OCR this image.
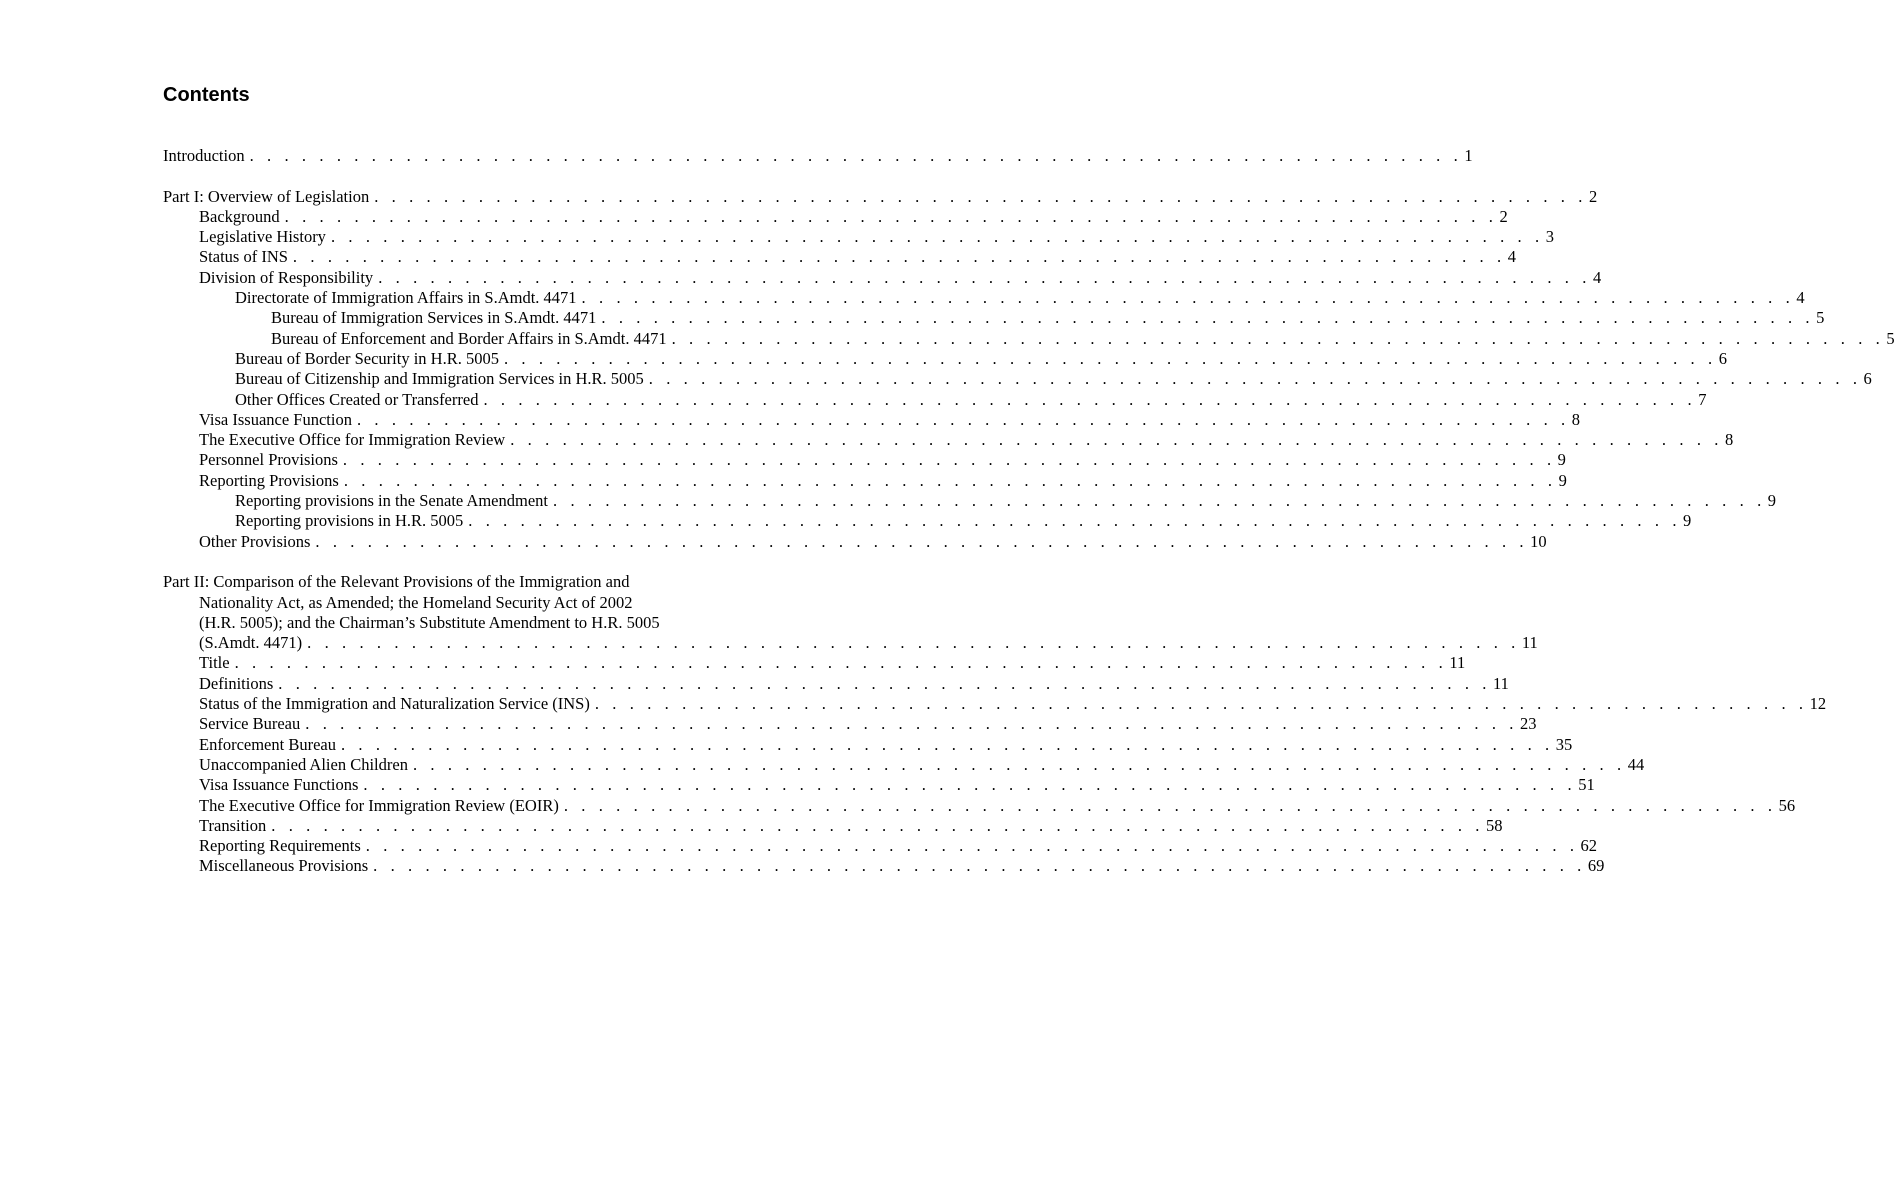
Contents
Introduction . . . . . . . . . . . . . . . . . . . . . . . . . . . . . . . . . . . . . . . . . . . . . . . . . . . . . . . . . . . . . . . . . . . . . . 1
Part I: Overview of Legislation . . . . . . . . . . . . . . . . . . . . . . . . . . . . . . . . . . . . . . . . . . . . . . . . . . . . . . . . . . . . . . . . . . . . . . 2
Background . . . . . . . . . . . . . . . . . . . . . . . . . . . . . . . . . . . . . . . . . . . . . . . . . . . . . . . . . . . . . . . . . . . . . . 2
Legislative History . . . . . . . . . . . . . . . . . . . . . . . . . . . . . . . . . . . . . . . . . . . . . . . . . . . . . . . . . . . . . . . . . . . . . . 3
Status of INS . . . . . . . . . . . . . . . . . . . . . . . . . . . . . . . . . . . . . . . . . . . . . . . . . . . . . . . . . . . . . . . . . . . . . . 4
Division of Responsibility . . . . . . . . . . . . . . . . . . . . . . . . . . . . . . . . . . . . . . . . . . . . . . . . . . . . . . . . . . . . . . . . . . . . . . 4
Directorate of Immigration Affairs in S.Amdt. 4471 . . . . . . . . . . . . . . . . . . . . . . . . . . . . . . . . . . . . . . . . . . . . . . . . . . . . . . . . . . . . . . . . . . . . . . 4
Bureau of Immigration Services in S.Amdt. 4471 . . . . . . . . . . . . . . . . . . . . . . . . . . . . . . . . . . . . . . . . . . . . . . . . . . . . . . . . . . . . . . . . . . . . . . 5
Bureau of Enforcement and Border Affairs in S.Amdt. 4471 . . . . . . . . . . . . . . . . . . . . . . . . . . . . . . . . . . . . . . . . . . . . . . . . . . . . . . . . . . . . . . . . . . . . . . 5
Bureau of Border Security in H.R. 5005 . . . . . . . . . . . . . . . . . . . . . . . . . . . . . . . . . . . . . . . . . . . . . . . . . . . . . . . . . . . . . . . . . . . . . . 6
Bureau of Citizenship and Immigration Services in H.R. 5005 . . . . . . . . . . . . . . . . . . . . . . . . . . . . . . . . . . . . . . . . . . . . . . . . . . . . . . . . . . . . . . . . . . . . . . 6
Other Offices Created or Transferred . . . . . . . . . . . . . . . . . . . . . . . . . . . . . . . . . . . . . . . . . . . . . . . . . . . . . . . . . . . . . . . . . . . . . . 7
Visa Issuance Function . . . . . . . . . . . . . . . . . . . . . . . . . . . . . . . . . . . . . . . . . . . . . . . . . . . . . . . . . . . . . . . . . . . . . . 8
The Executive Office for Immigration Review . . . . . . . . . . . . . . . . . . . . . . . . . . . . . . . . . . . . . . . . . . . . . . . . . . . . . . . . . . . . . . . . . . . . . . 8
Personnel Provisions . . . . . . . . . . . . . . . . . . . . . . . . . . . . . . . . . . . . . . . . . . . . . . . . . . . . . . . . . . . . . . . . . . . . . . 9
Reporting Provisions . . . . . . . . . . . . . . . . . . . . . . . . . . . . . . . . . . . . . . . . . . . . . . . . . . . . . . . . . . . . . . . . . . . . . . 9
Reporting provisions in the Senate Amendment . . . . . . . . . . . . . . . . . . . . . . . . . . . . . . . . . . . . . . . . . . . . . . . . . . . . . . . . . . . . . . . . . . . . . . 9
Reporting provisions in H.R. 5005 . . . . . . . . . . . . . . . . . . . . . . . . . . . . . . . . . . . . . . . . . . . . . . . . . . . . . . . . . . . . . . . . . . . . . . 9
Other Provisions . . . . . . . . . . . . . . . . . . . . . . . . . . . . . . . . . . . . . . . . . . . . . . . . . . . . . . . . . . . . . . . . . . . . . . 10
Part II: Comparison of the Relevant Provisions of the Immigration and
Nationality Act, as Amended; the Homeland Security Act of 2002
(H.R. 5005); and the Chairman’s Substitute Amendment to H.R. 5005
(S.Amdt. 4471) . . . . . . . . . . . . . . . . . . . . . . . . . . . . . . . . . . . . . . . . . . . . . . . . . . . . . . . . . . . . . . . . . . . . . . 11
Title . . . . . . . . . . . . . . . . . . . . . . . . . . . . . . . . . . . . . . . . . . . . . . . . . . . . . . . . . . . . . . . . . . . . . . 11
Definitions . . . . . . . . . . . . . . . . . . . . . . . . . . . . . . . . . . . . . . . . . . . . . . . . . . . . . . . . . . . . . . . . . . . . . . 11
Status of the Immigration and Naturalization Service (INS) . . . . . . . . . . . . . . . . . . . . . . . . . . . . . . . . . . . . . . . . . . . . . . . . . . . . . . . . . . . . . . . . . . . . . . 12
Service Bureau . . . . . . . . . . . . . . . . . . . . . . . . . . . . . . . . . . . . . . . . . . . . . . . . . . . . . . . . . . . . . . . . . . . . . . 23
Enforcement Bureau . . . . . . . . . . . . . . . . . . . . . . . . . . . . . . . . . . . . . . . . . . . . . . . . . . . . . . . . . . . . . . . . . . . . . . 35
Unaccompanied Alien Children . . . . . . . . . . . . . . . . . . . . . . . . . . . . . . . . . . . . . . . . . . . . . . . . . . . . . . . . . . . . . . . . . . . . . . 44
Visa Issuance Functions . . . . . . . . . . . . . . . . . . . . . . . . . . . . . . . . . . . . . . . . . . . . . . . . . . . . . . . . . . . . . . . . . . . . . . 51
The Executive Office for Immigration Review (EOIR) . . . . . . . . . . . . . . . . . . . . . . . . . . . . . . . . . . . . . . . . . . . . . . . . . . . . . . . . . . . . . . . . . . . . . . 56
Transition . . . . . . . . . . . . . . . . . . . . . . . . . . . . . . . . . . . . . . . . . . . . . . . . . . . . . . . . . . . . . . . . . . . . . . 58
Reporting Requirements . . . . . . . . . . . . . . . . . . . . . . . . . . . . . . . . . . . . . . . . . . . . . . . . . . . . . . . . . . . . . . . . . . . . . . 62
Miscellaneous Provisions . . . . . . . . . . . . . . . . . . . . . . . . . . . . . . . . . . . . . . . . . . . . . . . . . . . . . . . . . . . . . . . . . . . . . . 69
